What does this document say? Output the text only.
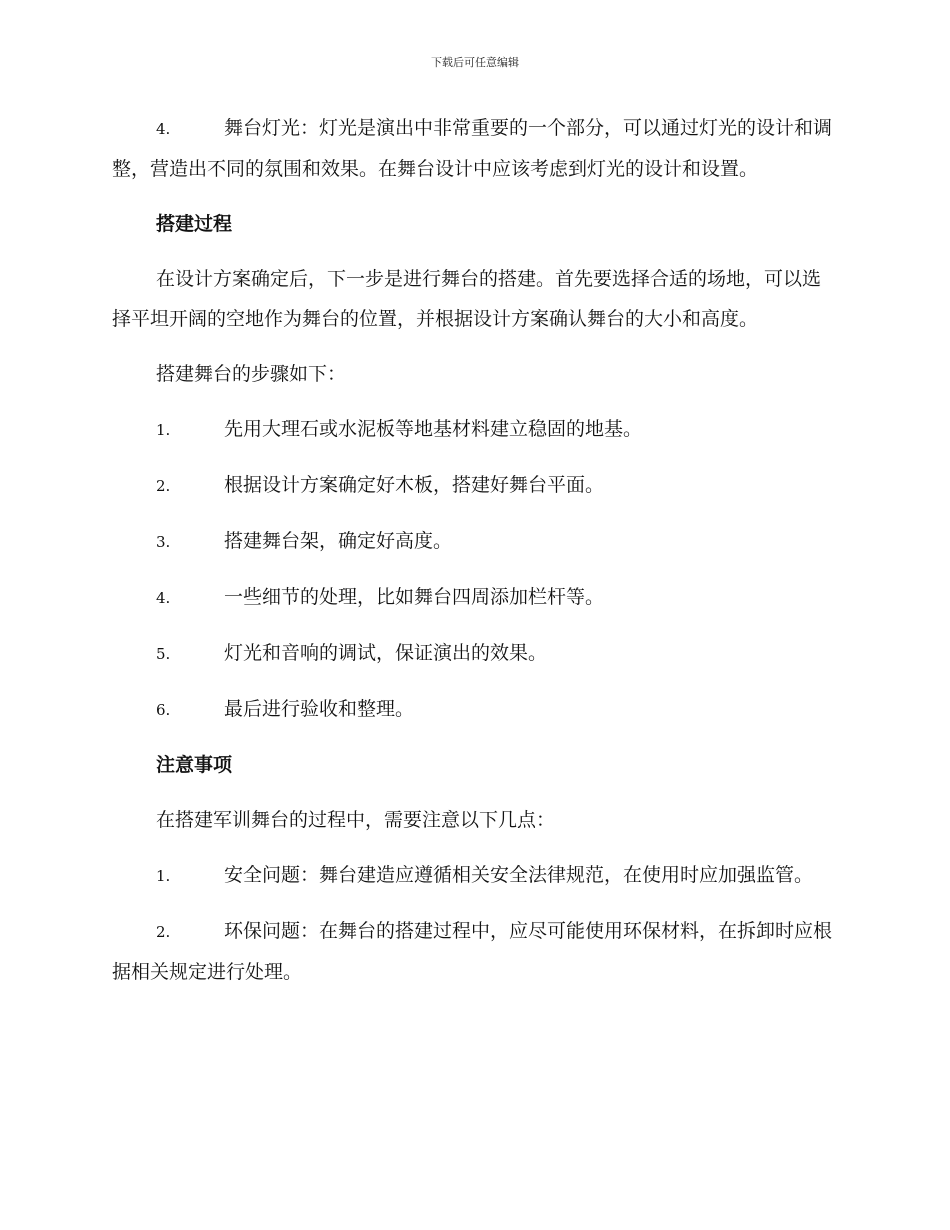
下载后可任意编辑

4.	舞台灯光：灯光是演出中非常重要的一个部分，可以通过灯光的设计和调整，营造出不同的氛围和效果。在舞台设计中应该考虑到灯光的设计和设置。

搭建过程

在设计方案确定后，下一步是进行舞台的搭建。首先要选择合适的场地，可以选择平坦开阔的空地作为舞台的位置，并根据设计方案确认舞台的大小和高度。

搭建舞台的步骤如下：

1.	先用大理石或水泥板等地基材料建立稳固的地基。

2.	根据设计方案确定好木板，搭建好舞台平面。

3.	搭建舞台架，确定好高度。

4.	一些细节的处理，比如舞台四周添加栏杆等。

5.	灯光和音响的调试，保证演出的效果。

6.	最后进行验收和整理。

注意事项

在搭建军训舞台的过程中，需要注意以下几点：

1.	安全问题：舞台建造应遵循相关安全法律规范，在使用时应加强监管。

2.	环保问题：在舞台的搭建过程中，应尽可能使用环保材料，在拆卸时应根据相关规定进行处理。
